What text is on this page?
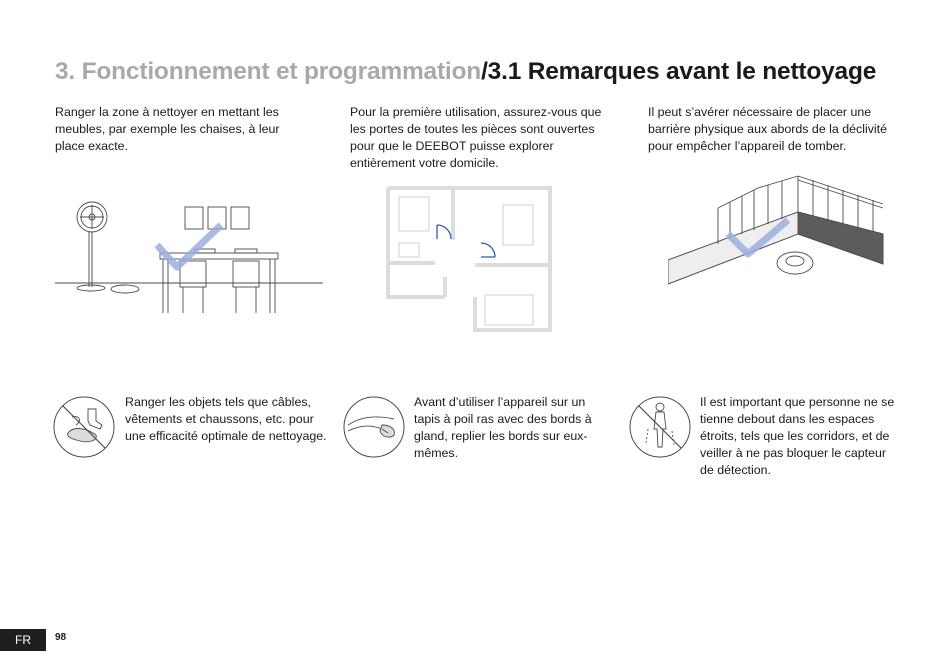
3. Fonctionnement et programmation/3.1 Remarques avant le nettoyage

Ranger la zone à nettoyer en mettant les meubles, par exemple les chaises, à leur place exacte.

Pour la première utilisation, assurez-vous que les portes de toutes les pièces sont ouvertes pour que le DEEBOT puisse explorer entièrement votre domicile.

Il peut s’avérer nécessaire de placer une barrière physique aux abords de la déclivité pour empêcher l’appareil de tomber.

Ranger les objets tels que câbles, vêtements et chaussons, etc. pour une efficacité optimale de nettoyage.

Avant d’utiliser l’appareil sur un tapis à poil ras avec des bords à gland, replier les bords sur eux-mêmes.

Il est important que personne ne se tienne debout dans les espaces étroits, tels que les corridors, et de veiller à ne pas bloquer le capteur de détection.

FR	98
